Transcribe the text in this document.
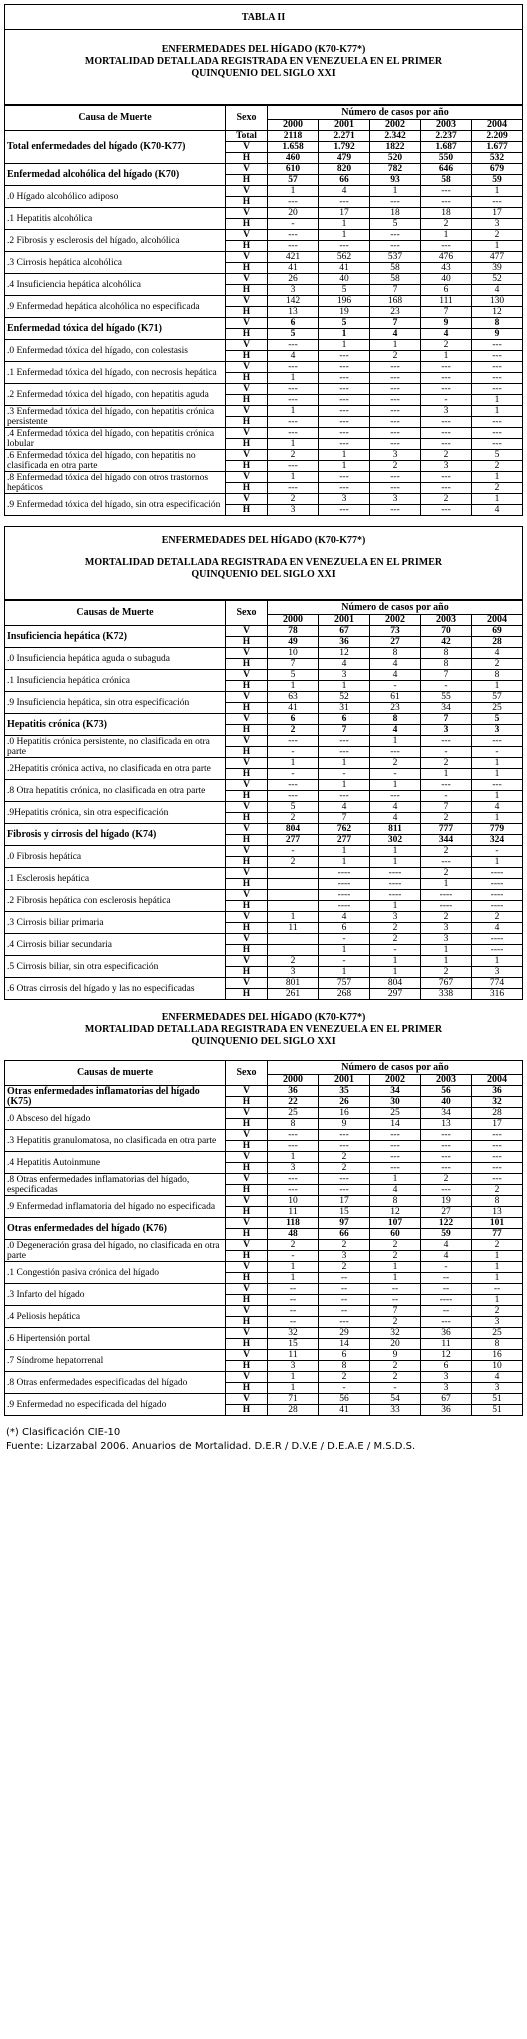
TABLA II
ENFERMEDADES DEL HÍGADO (K70-K77*)
MORTALIDAD DETALLADA REGISTRADA EN VENEZUELA EN EL PRIMER
QUINQUENIO DEL SIGLO XXI
Causa de Muerte	Sexo	Número de casos por año				
		2000	2001	2002	2003	2004
Total enfermedades del hígado (K70-K77)	Total	2118	2.271	2.342	2.237	2.209
	V	1.658	1.792	1822	1.687	1.677
	H	460	479	520	550	532
Enfermedad alcohólica del hígado (K70)	V	610	820	782	646	679
	H	57	66	93	58	59
.0 Hígado alcohólico adiposo	V	1	4	1	---	1
	H	---	---	---	---	---
.1 Hepatitis alcohólica	V	20	17	18	18	17
	H	-	1	5	2	3
.2 Fibrosis y esclerosis del hígado, alcohólica	V	---	1	---	1	2
	H	---	---	---	---	1
.3 Cirrosis hepática alcohólica	V	421	562	537	476	477
	H	41	41	58	43	39
.4 Insuficiencia hepática alcohólica	V	26	40	58	40	52
	H	3	5	7	6	4
.9 Enfermedad hepática alcohólica no especificada	V	142	196	168	111	130
	H	13	19	23	7	12
Enfermedad tóxica del hígado (K71)	V	6	5	7	9	8
	H	5	1	4	4	9
.0 Enfermedad tóxica del hígado, con colestasis	V	---	1	1	2	---
	H	4	---	2	1	---
.1 Enfermedad tóxica del hígado, con necrosis hepática	V	---	---	---	---	---
	H	1	---	---	---	---
.2 Enfermedad tóxica del hígado, con hepatitis aguda	V	---	---	---	---	---
	H	---	---	---	-	1
.3 Enfermedad tóxica del hígado, con hepatitis crónica persistente	V	1	---	---	3	1
	H	---	---	---	---	---
.4 Enfermedad tóxica del hígado, con hepatitis crónica lobular	V	---	---	---	---	---
	H	1	---	---	---	---
.6 Enfermedad tóxica del hígado, con hepatitis no clasificada en otra parte	V	2	1	3	2	5
	H	---	1	2	3	2
.8 Enfermedad tóxica del hígado con otros trastornos hepáticos	V	1	---	---	---	1
	H	---	---	---	---	2
.9 Enfermedad tóxica del hígado, sin otra especificación	V	2	3	3	2	1
	H	3	---	---	---	4
ENFERMEDADES DEL HÍGADO (K70-K77*)
MORTALIDAD DETALLADA REGISTRADA EN VENEZUELA EN EL PRIMER
QUINQUENIO DEL SIGLO XXI
Causas de Muerte	Sexo	Número de casos por año				
		2000	2001	2002	2003	2004
Insuficiencia hepática (K72)	V	78	67	73	70	69
	H	49	36	27	42	28
.0 Insuficiencia hepática aguda o subaguda	V	10	12	8	8	4
	H	7	4	4	8	2
.1 Insuficiencia hepática crónica	V	5	3	4	7	8
	H	1	1	-	-	1
.9 Insuficiencia hepática, sin otra especificación	V	63	52	61	55	57
	H	41	31	23	34	25
Hepatitis crónica (K73)	V	6	6	8	7	5
	H	2	7	4	3	3
.0 Hepatitis crónica persistente, no clasificada en otra parte	V	---	---	1	---	---
	H	-	---	---	-	-
.2Hepatitis crónica activa, no clasificada en otra parte	V	1	1	2	2	1
	H	-	-	-	1	1
.8 Otra hepatitis crónica, no clasificada en otra parte	V	---	1	1	---	---
	H	---	---	---	-	1
.9Hepatitis crónica, sin otra especificación	V	5	4	4	7	4
	H	2	7	4	2	1
Fibrosis y cirrosis del hígado (K74)	V	804	762	811	777	779
	H	277	277	302	344	324
.0 Fibrosis hepática	V	-	1	1	2	-
	H	2	1	1	---	1
.1 Esclerosis hepática	V		----	----	2	----
	H		----	----	1	----
.2 Fibrosis hepática con esclerosis hepática	V		----	----	----	----
	H		----	1	----	----
.3 Cirrosis biliar primaria	V	1	4	3	2	2
	H	11	6	2	3	4
.4 Cirrosis biliar secundaria	V		-	2	3	----
	H		1	-	1	----
.5 Cirrosis biliar, sin otra especificación	V	2	-	1	1	1
	H	3	1	1	2	3
.6 Otras cirrosis del hígado y las no especificadas	V	801	757	804	767	774
	H	261	268	297	338	316
ENFERMEDADES DEL HÍGADO (K70-K77*)
MORTALIDAD DETALLADA REGISTRADA EN VENEZUELA EN EL PRIMER
QUINQUENIO DEL SIGLO XXI
Causas de muerte	Sexo	Número de casos por año				
		2000	2001	2002	2003	2004
Otras enfermedades inflamatorias del hígado (K75)	V	36	35	34	56	36
	H	22	26	30	40	32
.0 Absceso del hígado	V	25	16	25	34	28
	H	8	9	14	13	17
.3 Hepatitis granulomatosa, no clasificada en otra parte	V	---	---	---	---	---
	H	---	---	---	---	---
.4 Hepatitis Autoinmune	V	1	2	---	---	---
	H	3	2	---	---	---
.8 Otras enfermedades inflamatorias del hígado, especificadas	V	---	---	1	2	---
	H	---	---	4	---	2
.9 Enfermedad inflamatoria del hígado no especificada	V	10	17	8	19	8
	H	11	15	12	27	13
Otras enfermedades del hígado (K76)	V	118	97	107	122	101
	H	48	66	60	59	77
.0 Degeneración grasa del hígado, no clasificada en otra parte	V	2	2	2	4	2
	H	-	3	2	4	1
.1 Congestión pasiva crónica del hígado	V	1	2	1	-	1
	H	1	--	1	--	1
.3 Infarto del hígado	V	--	--	--	--	--
	H	--	--	--	----	1
.4 Peliosis hepática	V	--	--	7	--	2
	H	--	---	2	---	3
.6 Hipertensión portal	V	32	29	32	36	25
	H	15	14	20	11	8
.7 Síndrome hepatorrenal	V	11	6	9	12	16
	H	3	8	2	6	10
.8 Otras enfermedades especificadas del hígado	V	1	2	2	3	4
	H	1	-	-	3	3
.9 Enfermedad no especificada del hígado	V	71	56	54	67	51
	H	28	41	33	36	51
(*) Clasificación CIE-10
Fuente: Lizarzabal 2006. Anuarios de Mortalidad. D.E.R / D.V.E / D.E.A.E / M.S.D.S.
